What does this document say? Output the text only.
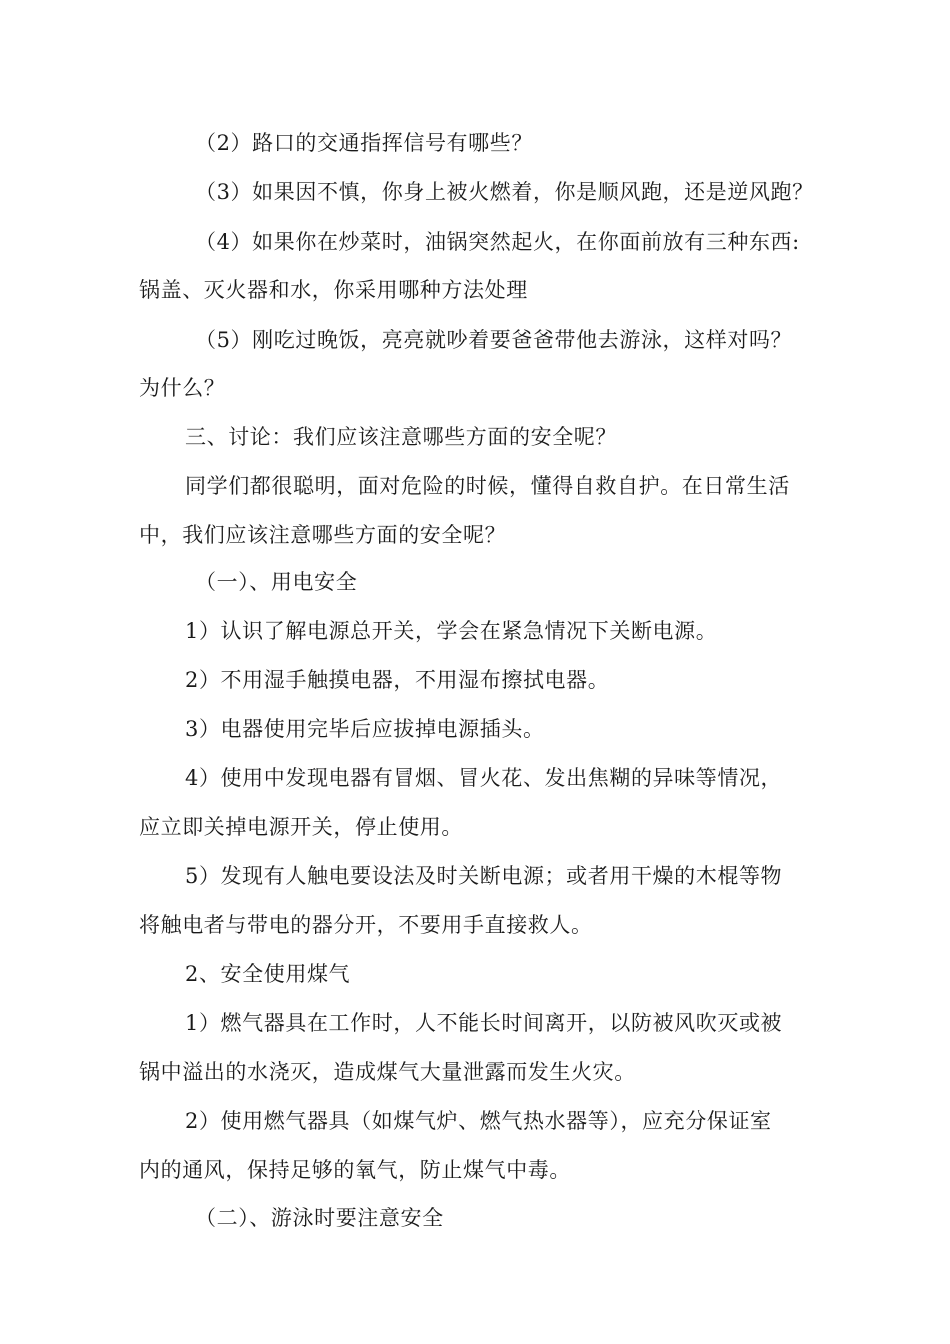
（2）路口的交通指挥信号有哪些？
（3）如果因不慎，你身上被火燃着，你是顺风跑，还是逆风跑？
（4）如果你在炒菜时，油锅突然起火，在你面前放有三种东西:
锅盖、灭火器和水，你采用哪种方法处理
（5）刚吃过晚饭，亮亮就吵着要爸爸带他去游泳，这样对吗？
为什么？
三、讨论：我们应该注意哪些方面的安全呢？
同学们都很聪明，面对危险的时候，懂得自救自护。在日常生活
中，我们应该注意哪些方面的安全呢？
（一）、用电安全
1）认识了解电源总开关，学会在紧急情况下关断电源。
2）不用湿手触摸电器，不用湿布擦拭电器。
3）电器使用完毕后应拔掉电源插头。
4）使用中发现电器有冒烟、冒火花、发出焦糊的异味等情况，
应立即关掉电源开关，停止使用。
5）发现有人触电要设法及时关断电源；或者用干燥的木棍等物
将触电者与带电的器分开，不要用手直接救人。
2、安全使用煤气
1）燃气器具在工作时，人不能长时间离开，以防被风吹灭或被
锅中溢出的水浇灭，造成煤气大量泄露而发生火灾。
2）使用燃气器具（如煤气炉、燃气热水器等），应充分保证室
内的通风，保持足够的氧气，防止煤气中毒。
（二）、游泳时要注意安全
